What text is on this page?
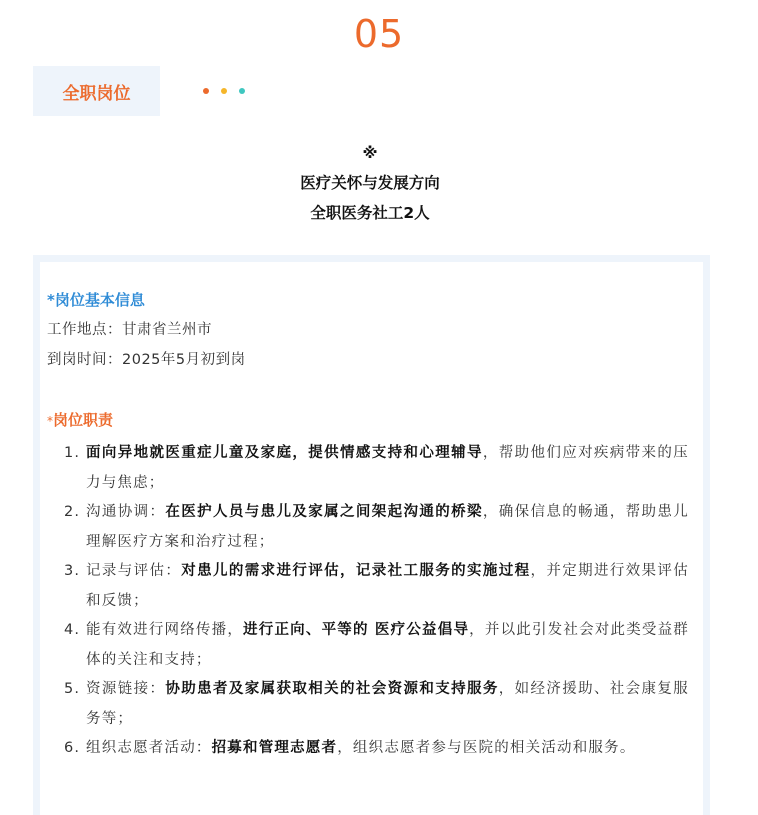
05
全职岗位
※
医疗关怀与发展方向
全职医务社工2人
*岗位基本信息
工作地点：甘肃省兰州市
到岗时间：2025年5月初到岗
*岗位职责
1. 面向异地就医重症儿童及家庭，提供情感支持和心理辅导，帮助他们应对疾病带来的压力与焦虑；
2. 沟通协调：在医护人员与患儿及家属之间架起沟通的桥梁，确保信息的畅通，帮助患儿理解医疗方案和治疗过程；
3. 记录与评估：对患儿的需求进行评估，记录社工服务的实施过程，并定期进行效果评估和反馈；
4. 能有效进行网络传播，进行正向、平等的 医疗公益倡导，并以此引发社会对此类受益群体的关注和支持；
5. 资源链接：协助患者及家属获取相关的社会资源和支持服务，如经济援助、社会康复服务等；
6. 组织志愿者活动：招募和管理志愿者，组织志愿者参与医院的相关活动和服务。
